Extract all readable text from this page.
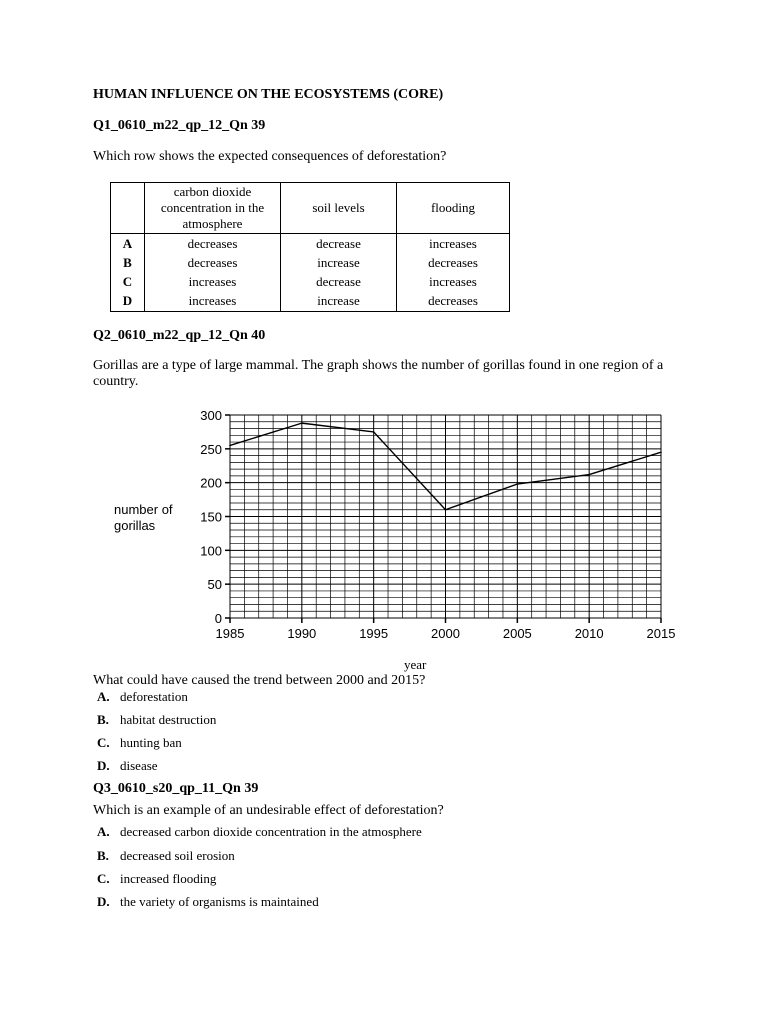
HUMAN INFLUENCE ON THE ECOSYSTEMS (CORE)
Q1_0610_m22_qp_12_Qn 39
Which row shows the expected consequences of deforestation?
	carbon dioxide concentration in the atmosphere	soil levels	flooding
A	decreases	decrease	increases
B	decreases	increase	decreases
C	increases	decrease	increases
D	increases	increase	decreases
Q2_0610_m22_qp_12_Qn 40
Gorillas are a type of large mammal. The graph shows the number of gorillas found in one region of a country.
number of gorillas
0
50
100
150
200
250
300
1985	1990	1995	2000	2005	2010	2015
year
What could have caused the trend between 2000 and 2015?
A. deforestation
B. habitat destruction
C. hunting ban
D. disease
Q3_0610_s20_qp_11_Qn 39
Which is an example of an undesirable effect of deforestation?
A. decreased carbon dioxide concentration in the atmosphere
B. decreased soil erosion
C. increased flooding
D. the variety of organisms is maintained
